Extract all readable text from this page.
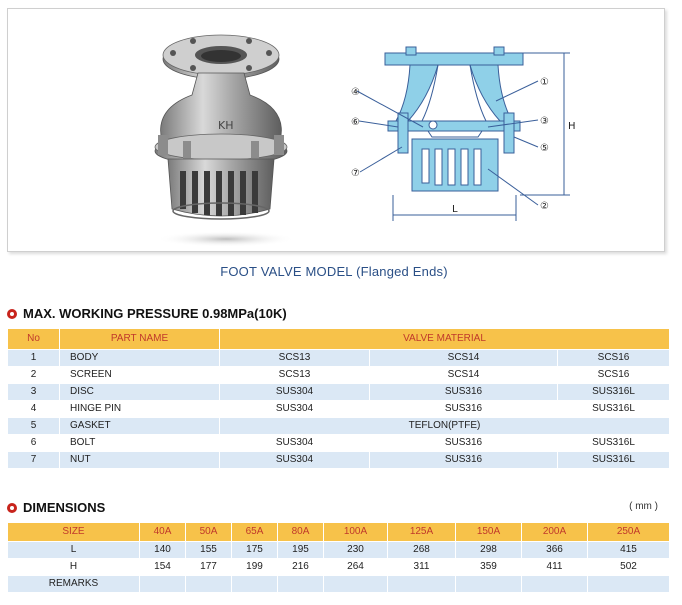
KH
④
⑥
⑦
①
③
⑤
②
L
H
FOOT VALVE MODEL (Flanged Ends)
MAX. WORKING PRESSURE 0.98MPa(10K)
No	PART NAME	VALVE MATERIAL		
1	BODY	SCS13	SCS14	SCS16
2	SCREEN	SCS13	SCS14	SCS16
3	DISC	SUS304	SUS316	SUS316L
4	HINGE PIN	SUS304	SUS316	SUS316L
5	GASKET	TEFLON(PTFE)		
6	BOLT	SUS304	SUS316	SUS316L
7	NUT	SUS304	SUS316	SUS316L
DIMENSIONS	( mm )
SIZE	40A	50A	65A	80A	100A	125A	150A	200A	250A
L	140	155	175	195	230	268	298	366	415
H	154	177	199	216	264	311	359	411	502
REMARKS									
